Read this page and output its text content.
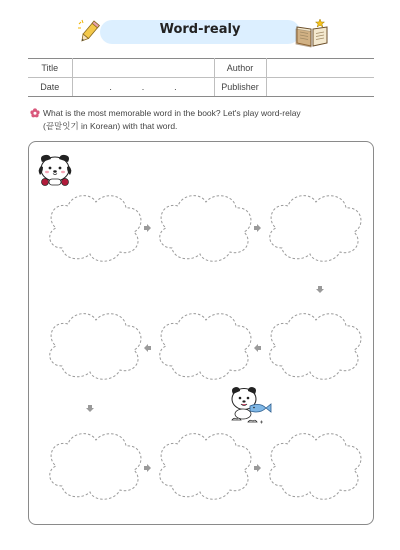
Word-realy
Title		Author	
Date	. . .	Publisher	
What is the most memorable word in the book? Let's play word-relay
(끝말잇기 in Korean) with that word.
